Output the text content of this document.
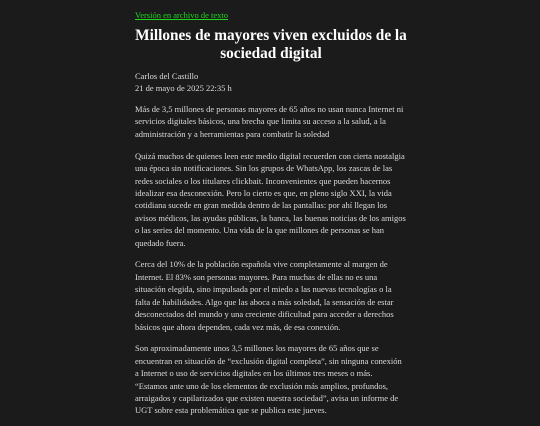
Versión en archivo de texto
Millones de mayores viven excluidos de la sociedad digital
Carlos del Castillo
21 de mayo de 2025 22:35 h

Más de 3,5 millones de personas mayores de 65 años no usan nunca Internet ni servicios digitales básicos, una brecha que limita su acceso a la salud, a la administración y a herramientas para combatir la soledad

Quizá muchos de quienes leen este medio digital recuerden con cierta nostalgia una época sin notificaciones. Sin los grupos de WhatsApp, los zascas de las redes sociales o los titulares clickbait. Inconvenientes que pueden hacernos idealizar esa desconexión. Pero lo cierto es que, en pleno siglo XXI, la vida cotidiana sucede en gran medida dentro de las pantallas: por ahí llegan los avisos médicos, las ayudas públicas, la banca, las buenas noticias de los amigos o las series del momento. Una vida de la que millones de personas se han quedado fuera.

Cerca del 10% de la población española vive completamente al margen de Internet. El 83% son personas mayores. Para muchas de ellas no es una situación elegida, sino impulsada por el miedo a las nuevas tecnologías o la falta de habilidades. Algo que las aboca a más soledad, la sensación de estar desconectados del mundo y una creciente dificultad para acceder a derechos básicos que ahora dependen, cada vez más, de esa conexión.

Son aproximadamente unos 3,5 millones los mayores de 65 años que se encuentran en situación de “exclusión digital completa”, sin ninguna conexión a Internet o uso de servicios digitales en los últimos tres meses o más. “Estamos ante uno de los elementos de exclusión más amplios, profundos, arraigados y capilarizados que existen nuestra sociedad”, avisa un informe de UGT sobre esta problemática que se publica este jueves.
